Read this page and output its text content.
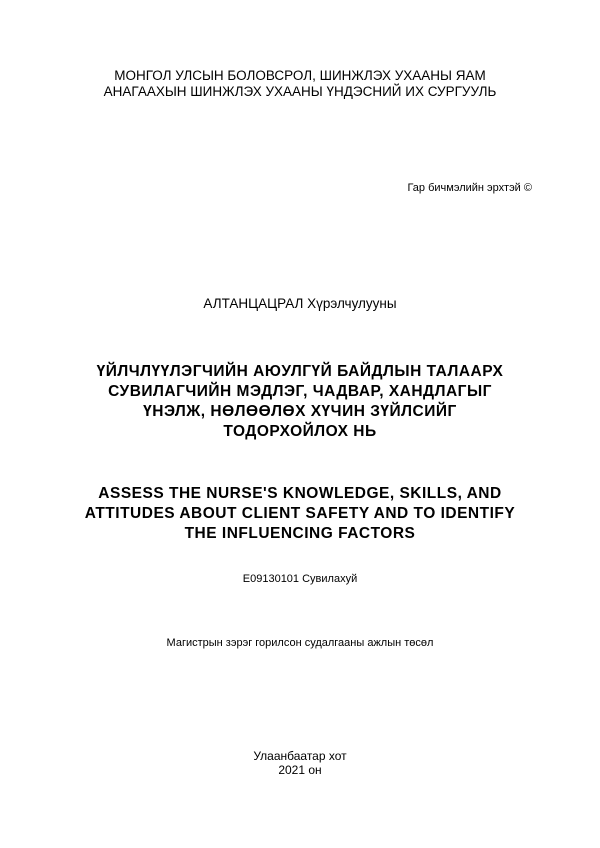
МОНГОЛ УЛСЫН БОЛОВСРОЛ, ШИНЖЛЭХ УХААНЫ ЯАМ
АНАГААХЫН ШИНЖЛЭХ УХААНЫ ҮНДЭСНИЙ ИХ СУРГУУЛЬ
Гар бичмэлийн эрхтэй ©
АЛТАНЦАЦРАЛ Хүрэлчулууны
ҮЙЛЧЛҮҮЛЭГЧИЙН АЮУЛГҮЙ БАЙДЛЫН ТАЛААРХ СУВИЛАГЧИЙН МЭДЛЭГ, ЧАДВАР, ХАНДЛАГЫГ ҮНЭЛЖ, НӨЛӨӨЛӨХ ХҮЧИН ЗҮЙЛСИЙГ ТОДОРХОЙЛОХ НЬ
ASSESS THE NURSE'S KNOWLEDGE, SKILLS, AND ATTITUDES ABOUT CLIENT SAFETY AND TO IDENTIFY THE INFLUENCING FACTORS
E09130101 Сувилахуй
Магистрын зэрэг горилсон судалгааны ажлын төсөл
Улаанбаатар хот
2021 он
